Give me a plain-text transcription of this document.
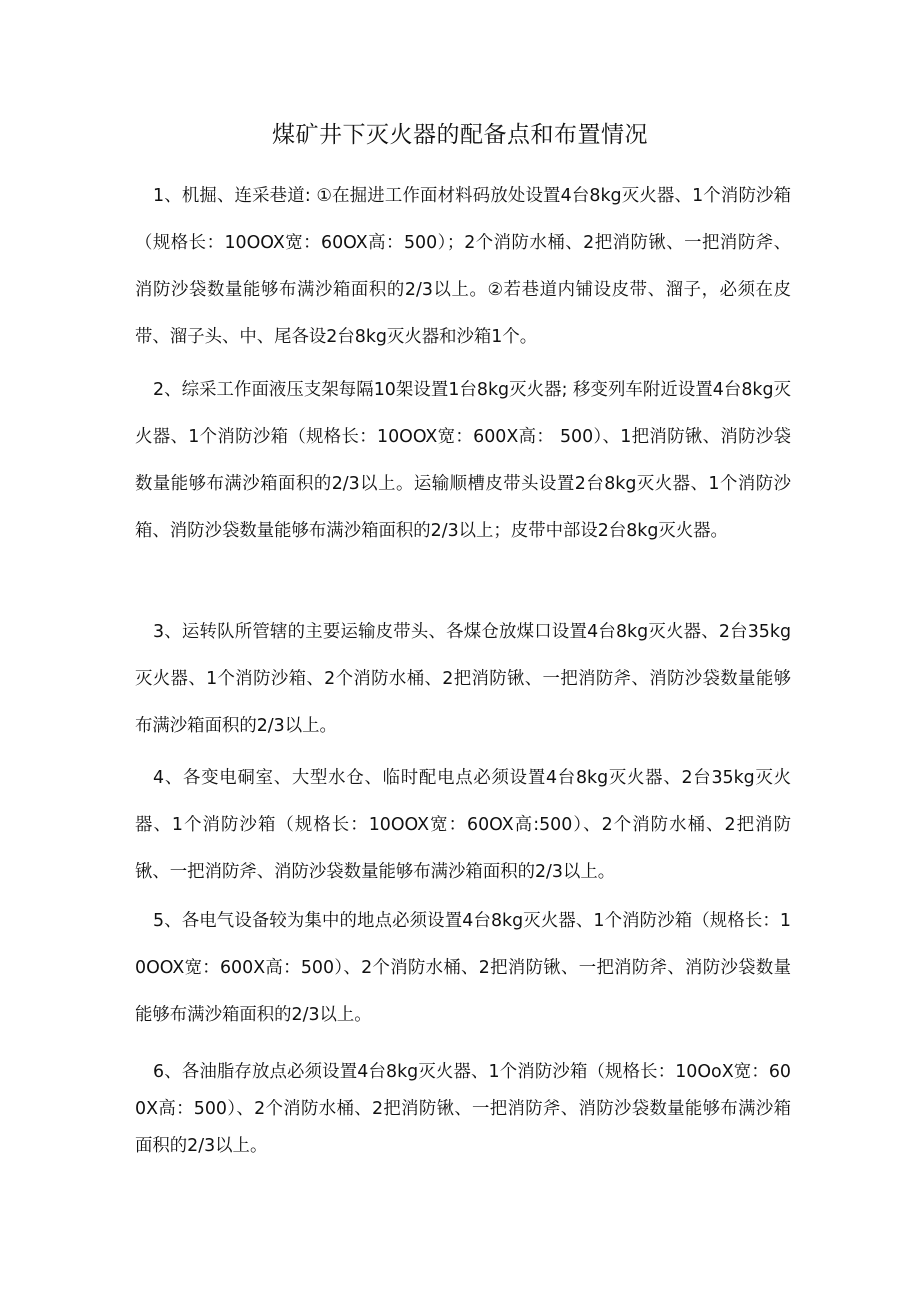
煤矿井下灭火器的配备点和布置情况
1、机掘、连采巷道: ①在掘进工作面材料码放处设置4台8kg灭火器、1个消防沙箱（规格长：10OOX宽：60OX高：500）；2个消防水桶、2把消防锹、一把消防斧、消防沙袋数量能够布满沙箱面积的2/3以上。②若巷道内铺设皮带、溜子，必须在皮带、溜子头、中、尾各设2台8kg灭火器和沙箱1个。
2、综采工作面液压支架每隔10架设置1台8kg灭火器; 移变列车附近设置4台8kg灭火器、1个消防沙箱（规格长：10OOX宽：600X高： 500）、1把消防锹、消防沙袋数量能够布满沙箱面积的2/3以上。运输顺槽皮带头设置2台8kg灭火器、1个消防沙箱、消防沙袋数量能够布满沙箱面积的2/3以上；皮带中部设2台8kg灭火器。
3、运转队所管辖的主要运输皮带头、各煤仓放煤口设置4台8kg灭火器、2台35kg灭火器、1个消防沙箱、2个消防水桶、2把消防锹、一把消防斧、消防沙袋数量能够布满沙箱面积的2/3以上。
4、各变电硐室、大型水仓、临时配电点必须设置4台8kg灭火器、2台35kg灭火器、1个消防沙箱（规格长：10OOX宽：60OX高:500）、2个消防水桶、2把消防锹、一把消防斧、消防沙袋数量能够布满沙箱面积的2/3以上。
5、各电气设备较为集中的地点必须设置4台8kg灭火器、1个消防沙箱（规格长：10OOX宽：600X高：500）、2个消防水桶、2把消防锹、一把消防斧、消防沙袋数量能够布满沙箱面积的2/3以上。
6、各油脂存放点必须设置4台8kg灭火器、1个消防沙箱（规格长：10OoX宽：600X高：500）、2个消防水桶、2把消防锹、一把消防斧、消防沙袋数量能够布满沙箱面积的2/3以上。
